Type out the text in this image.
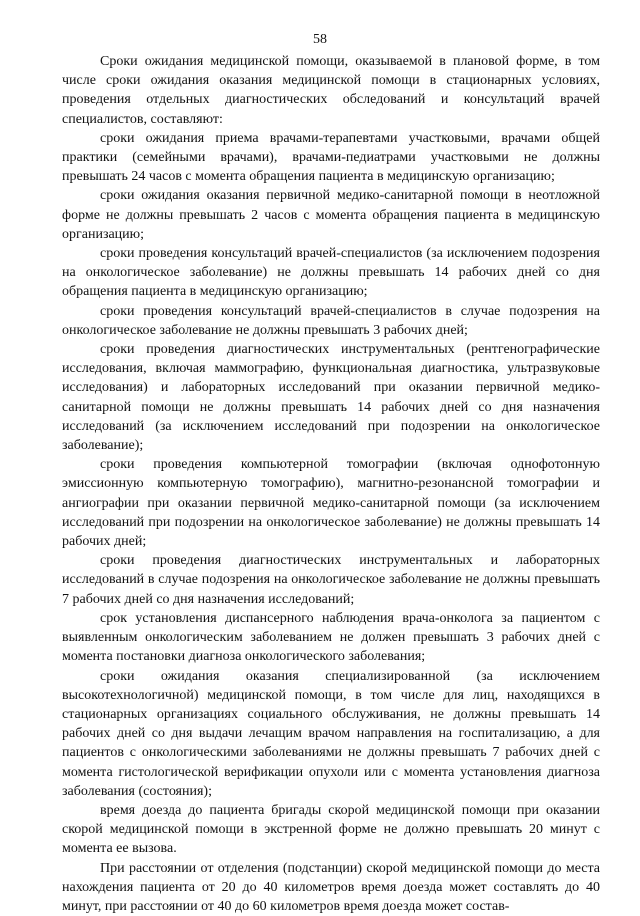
58

Сроки ожидания медицинской помощи, оказываемой в плановой форме, в том числе сроки ожидания оказания медицинской помощи в стационарных условиях, проведения отдельных диагностических обследований и консультаций врачей специалистов, составляют:

сроки ожидания приема врачами-терапевтами участковыми, врачами общей практики (семейными врачами), врачами-педиатрами участковыми не должны превышать 24 часов с момента обращения пациента в медицинскую организацию;

сроки ожидания оказания первичной медико-санитарной помощи в неотложной форме не должны превышать 2 часов с момента обращения пациента в медицинскую организацию;

сроки проведения консультаций врачей-специалистов (за исключением подозрения на онкологическое заболевание) не должны превышать 14 рабочих дней со дня обращения пациента в медицинскую организацию;

сроки проведения консультаций врачей-специалистов в случае подозрения на онкологическое заболевание не должны превышать 3 рабочих дней;

сроки проведения диагностических инструментальных (рентгенографические исследования, включая маммографию, функциональная диагностика, ультразвуковые исследования) и лабораторных исследований при оказании первичной медико-санитарной помощи не должны превышать 14 рабочих дней со дня назначения исследований (за исключением исследований при подозрении на онкологическое заболевание);

сроки проведения компьютерной томографии (включая однофотонную эмиссионную компьютерную томографию), магнитно-резонансной томографии и ангиографии при оказании первичной медико-санитарной помощи (за исключением исследований при подозрении на онкологическое заболевание) не должны превышать 14 рабочих дней;

сроки проведения диагностических инструментальных и лабораторных исследований в случае подозрения на онкологическое заболевание не должны превышать 7 рабочих дней со дня назначения исследований;

срок установления диспансерного наблюдения врача-онколога за пациентом с выявленным онкологическим заболеванием не должен превышать 3 рабочих дней с момента постановки диагноза онкологического заболевания;

сроки ожидания оказания специализированной (за исключением высокотехнологичной) медицинской помощи, в том числе для лиц, находящихся в стационарных организациях социального обслуживания, не должны превышать 14 рабочих дней со дня выдачи лечащим врачом направления на госпитализацию, а для пациентов с онкологическими заболеваниями не должны превышать 7 рабочих дней с момента гистологической верификации опухоли или с момента установления диагноза заболевания (состояния);

время доезда до пациента бригады скорой медицинской помощи при оказании скорой медицинской помощи в экстренной форме не должно превышать 20 минут с момента ее вызова.

При расстоянии от отделения (подстанции) скорой медицинской помощи до места нахождения пациента от 20 до 40 километров время доезда может составлять до 40 минут, при расстоянии от 40 до 60 километров время доезда может состав-
